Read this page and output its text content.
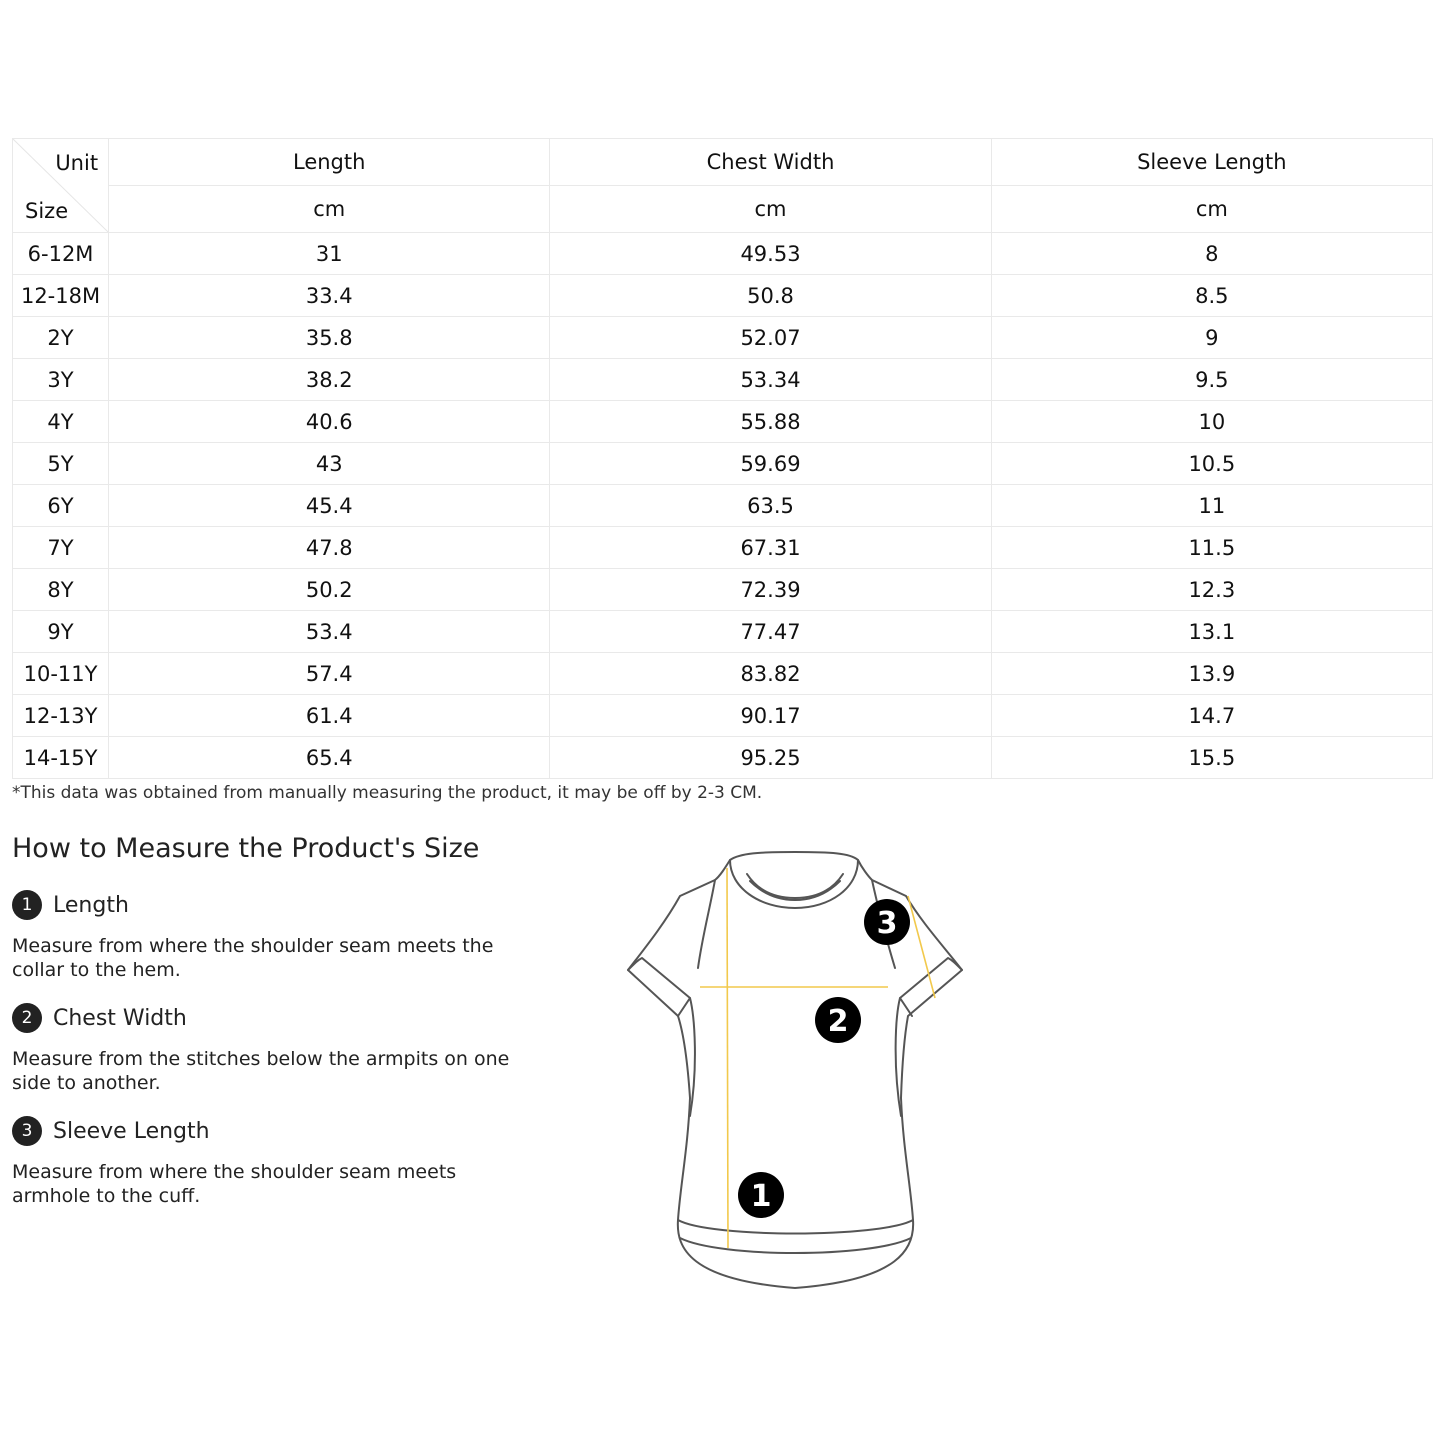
Unit
Size	Length	Chest Width	Sleeve Length
	cm	cm	cm
6-12M	31	49.53	8
12-18M	33.4	50.8	8.5
2Y	35.8	52.07	9
3Y	38.2	53.34	9.5
4Y	40.6	55.88	10
5Y	43	59.69	10.5
6Y	45.4	63.5	11
7Y	47.8	67.31	11.5
8Y	50.2	72.39	12.3
9Y	53.4	77.47	13.1
10-11Y	57.4	83.82	13.9
12-13Y	61.4	90.17	14.7
14-15Y	65.4	95.25	15.5
*This data was obtained from manually measuring the product, it may be off by 2-3 CM.
How to Measure the Product's Size
1 Length
Measure from where the shoulder seam meets the collar to the hem.
2 Chest Width
Measure from the stitches below the armpits on one side to another.
3 Sleeve Length
Measure from where the shoulder seam meets armhole to the cuff.	1
2
3
